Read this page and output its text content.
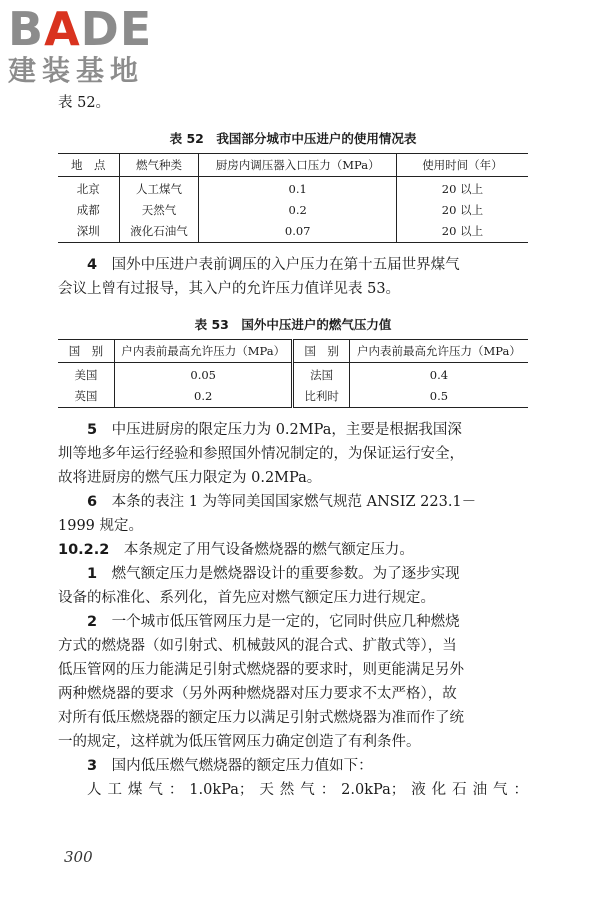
BADE
建装基地
表 52。
表 52　我国部分城市中压进户的使用情况表
地　点	燃气种类	厨房内调压器入口压力（MPa）	使用时间（年）
北京	人工煤气	0.1	20 以上
成都	天然气	0.2	20 以上
深圳	液化石油气	0.07	20 以上

4　 国外中压进户表前调压的入户压力在第十五届世界煤气

会议上曾有过报导，其入户的允许压力值详见表 53。

表 53　国外中压进户的燃气压力值
国　别	户内表前最高允许压力（MPa）	国　别	户内表前最高允许压力（MPa）
美国	0.05	法国	0.4
英国	0.2	比利时	0.5

5　 中压进厨房的限定压力为 0.2MPa，主要是根据我国深

圳等地多年运行经验和参照国外情况制定的，为保证运行安全，

故将进厨房的燃气压力限定为 0.2MPa。

6　 本条的表注 1 为等同美国国家燃气规范 ANSIZ 223.1－

1999 规定。

10.2.2　 本条规定了用气设备燃烧器的燃气额定压力。

1　 燃气额定压力是燃烧器设计的重要参数。为了逐步实现

设备的标准化、系列化，首先应对燃气额定压力进行规定。

2　 一个城市低压管网压力是一定的，它同时供应几种燃烧

方式的燃烧器（如引射式、机械鼓风的混合式、扩散式等），当

低压管网的压力能满足引射式燃烧器的要求时，则更能满足另外

两种燃烧器的要求（另外两种燃烧器对压力要求不太严格），故

对所有低压燃烧器的额定压力以满足引射式燃烧器为准而作了统

一的规定，这样就为低压管网压力确定创造了有利条件。

3　 国内低压燃气燃烧器的额定压力值如下：

人工煤气：1.0kPa；天然气：2.0kPa；液化石油气：

300
